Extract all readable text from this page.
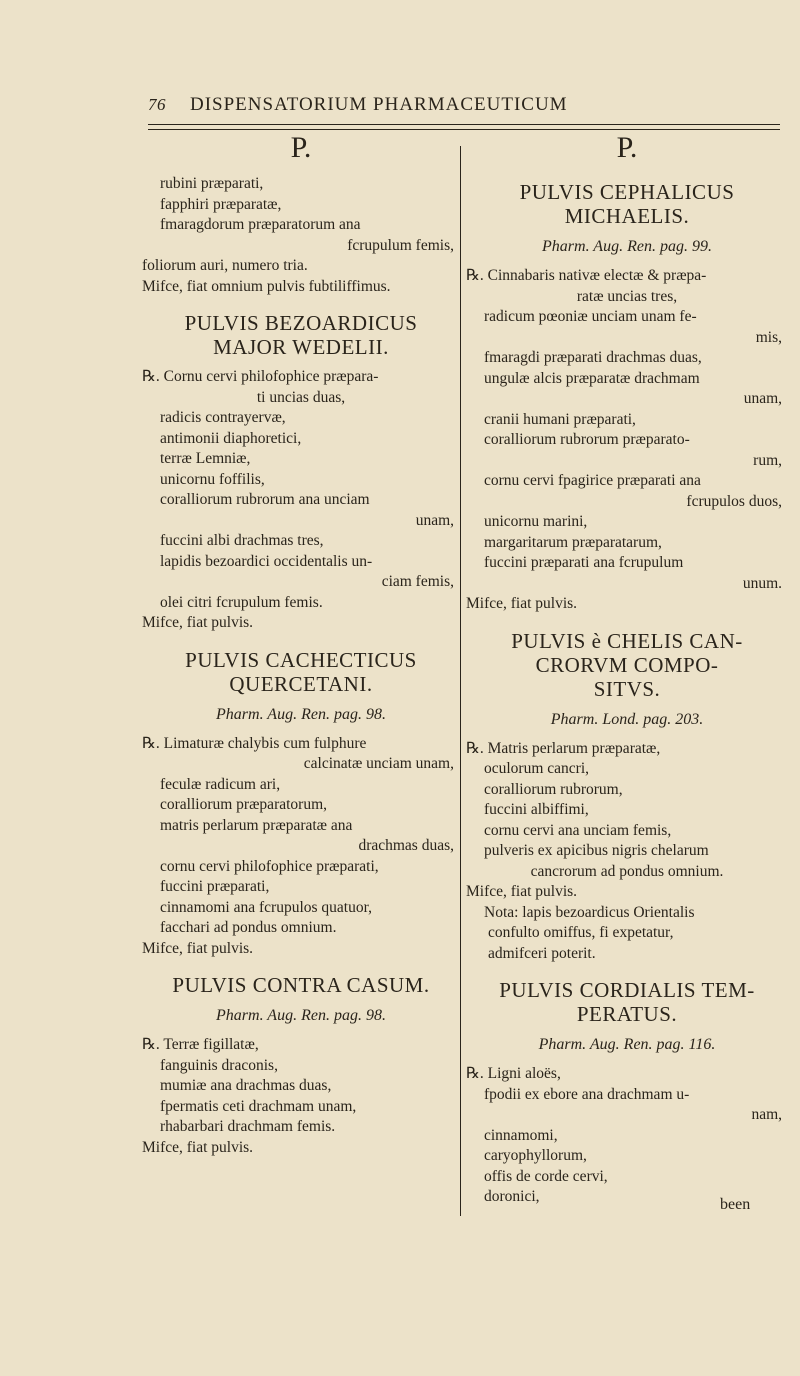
76	DISPENSATORIUM PHARMACEUTICUM
P.
rubini præparati,
fapphiri præparatæ,
fmaragdorum præparatorum ana
fcrupulum femis,
foliorum auri, numero tria.
Mifce, fiat omnium pulvis fubtiliffimus.
PULVIS BEZOARDICUS
MAJOR WEDELII.
℞. Cornu cervi philofophice præpara-
ti uncias duas,
radicis contrayervæ,
antimonii diaphoretici,
terræ Lemniæ,
unicornu foffilis,
coralliorum rubrorum ana unciam
unam,
fuccini albi drachmas tres,
lapidis bezoardici occidentalis un-
ciam femis,
olei citri fcrupulum femis.
Mifce, fiat pulvis.
PULVIS CACHECTICUS
QUERCETANI.
Pharm. Aug. Ren. pag. 98.
℞. Limaturæ chalybis cum fulphure
calcinatæ unciam unam,
feculæ radicum ari,
coralliorum præparatorum,
matris perlarum præparatæ ana
drachmas duas,
cornu cervi philofophice præparati,
fuccini præparati,
cinnamomi ana fcrupulos quatuor,
facchari ad pondus omnium.
Mifce, fiat pulvis.
PULVIS CONTRA CASUM.
Pharm. Aug. Ren. pag. 98.
℞. Terræ figillatæ,
fanguinis draconis,
mumiæ ana drachmas duas,
fpermatis ceti drachmam unam,
rhabarbari drachmam femis.
Mifce, fiat pulvis.
P.
PULVIS CEPHALICUS
MICHAELIS.
Pharm. Aug. Ren. pag. 99.
℞. Cinnabaris nativæ electæ & præpa-
ratæ uncias tres,
radicum pœoniæ unciam unam fe-
mis,
fmaragdi præparati drachmas duas,
ungulæ alcis præparatæ drachmam
unam,
cranii humani præparati,
coralliorum rubrorum præparato-
rum,
cornu cervi fpagirice præparati ana
fcrupulos duos,
unicornu marini,
margaritarum præparatarum,
fuccini præparati ana fcrupulum
unum.
Mifce, fiat pulvis.
PULVIS è CHELIS CAN-
CRORVM COMPO-
SITVS.
Pharm. Lond. pag. 203.
℞. Matris perlarum præparatæ,
oculorum cancri,
coralliorum rubrorum,
fuccini albiffimi,
cornu cervi ana unciam femis,
pulveris ex apicibus nigris chelarum
cancrorum ad pondus omnium.
Mifce, fiat pulvis.
Nota: lapis bezoardicus Orientalis
confulto omiffus, fi expetatur,
admifceri poterit.
PULVIS CORDIALIS TEM-
PERATUS.
Pharm. Aug. Ren. pag. 116.
℞. Ligni aloës,
fpodii ex ebore ana drachmam u-
nam,
cinnamomi,
caryophyllorum,
offis de corde cervi,
doronici,	been
